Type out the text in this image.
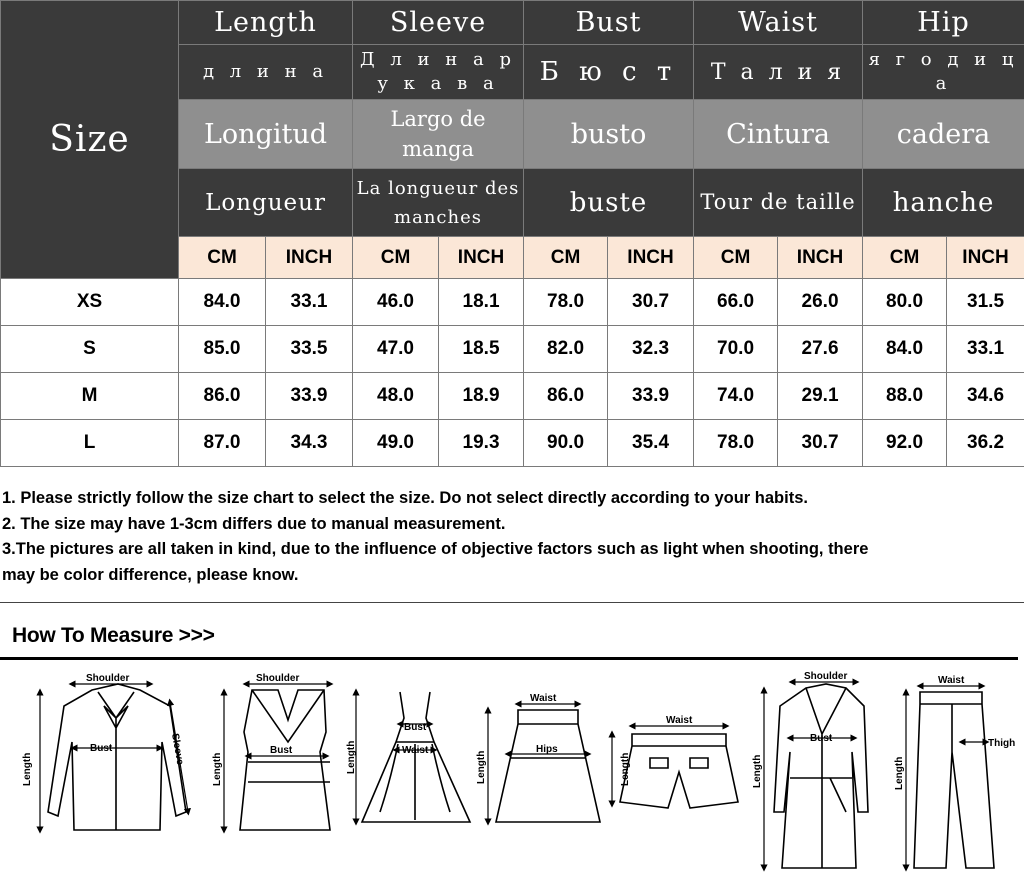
Size	Length		Sleeve		Bust		Waist		Hip	
	д л и н а		Д л и н а р у к а в а		Б ю с т		Т а л и я		я г о д и ц а	
	Longitud		Largo de manga		busto		Cintura		cadera	
	Longueur		La longueur des manches		buste		Tour de taille		hanche	
	CM	INCH	CM	INCH	CM	INCH	CM	INCH	CM	INCH
XS	84.0	33.1	46.0	18.1	78.0	30.7	66.0	26.0	80.0	31.5
S	85.0	33.5	47.0	18.5	82.0	32.3	70.0	27.6	84.0	33.1
M	86.0	33.9	48.0	18.9	86.0	33.9	74.0	29.1	88.0	34.6
L	87.0	34.3	49.0	19.3	90.0	35.4	78.0	30.7	92.0	36.2

1. Please strictly follow the size chart to select the size. Do not select directly according to your habits.

2. The size may have 1-3cm differs due to manual measurement.

3.The pictures are all taken in kind, due to the influence of objective factors such as light when shooting, there

may be color difference, please know.

How To Measure >>>
Shoulder
Bust
Length
Sleeve
Shoulder
Bust
Length
Bust
Waist
Length
Waist
Hips
Length
Waist
Length
Shoulder
Bust
Length
Waist
Thigh
Length
